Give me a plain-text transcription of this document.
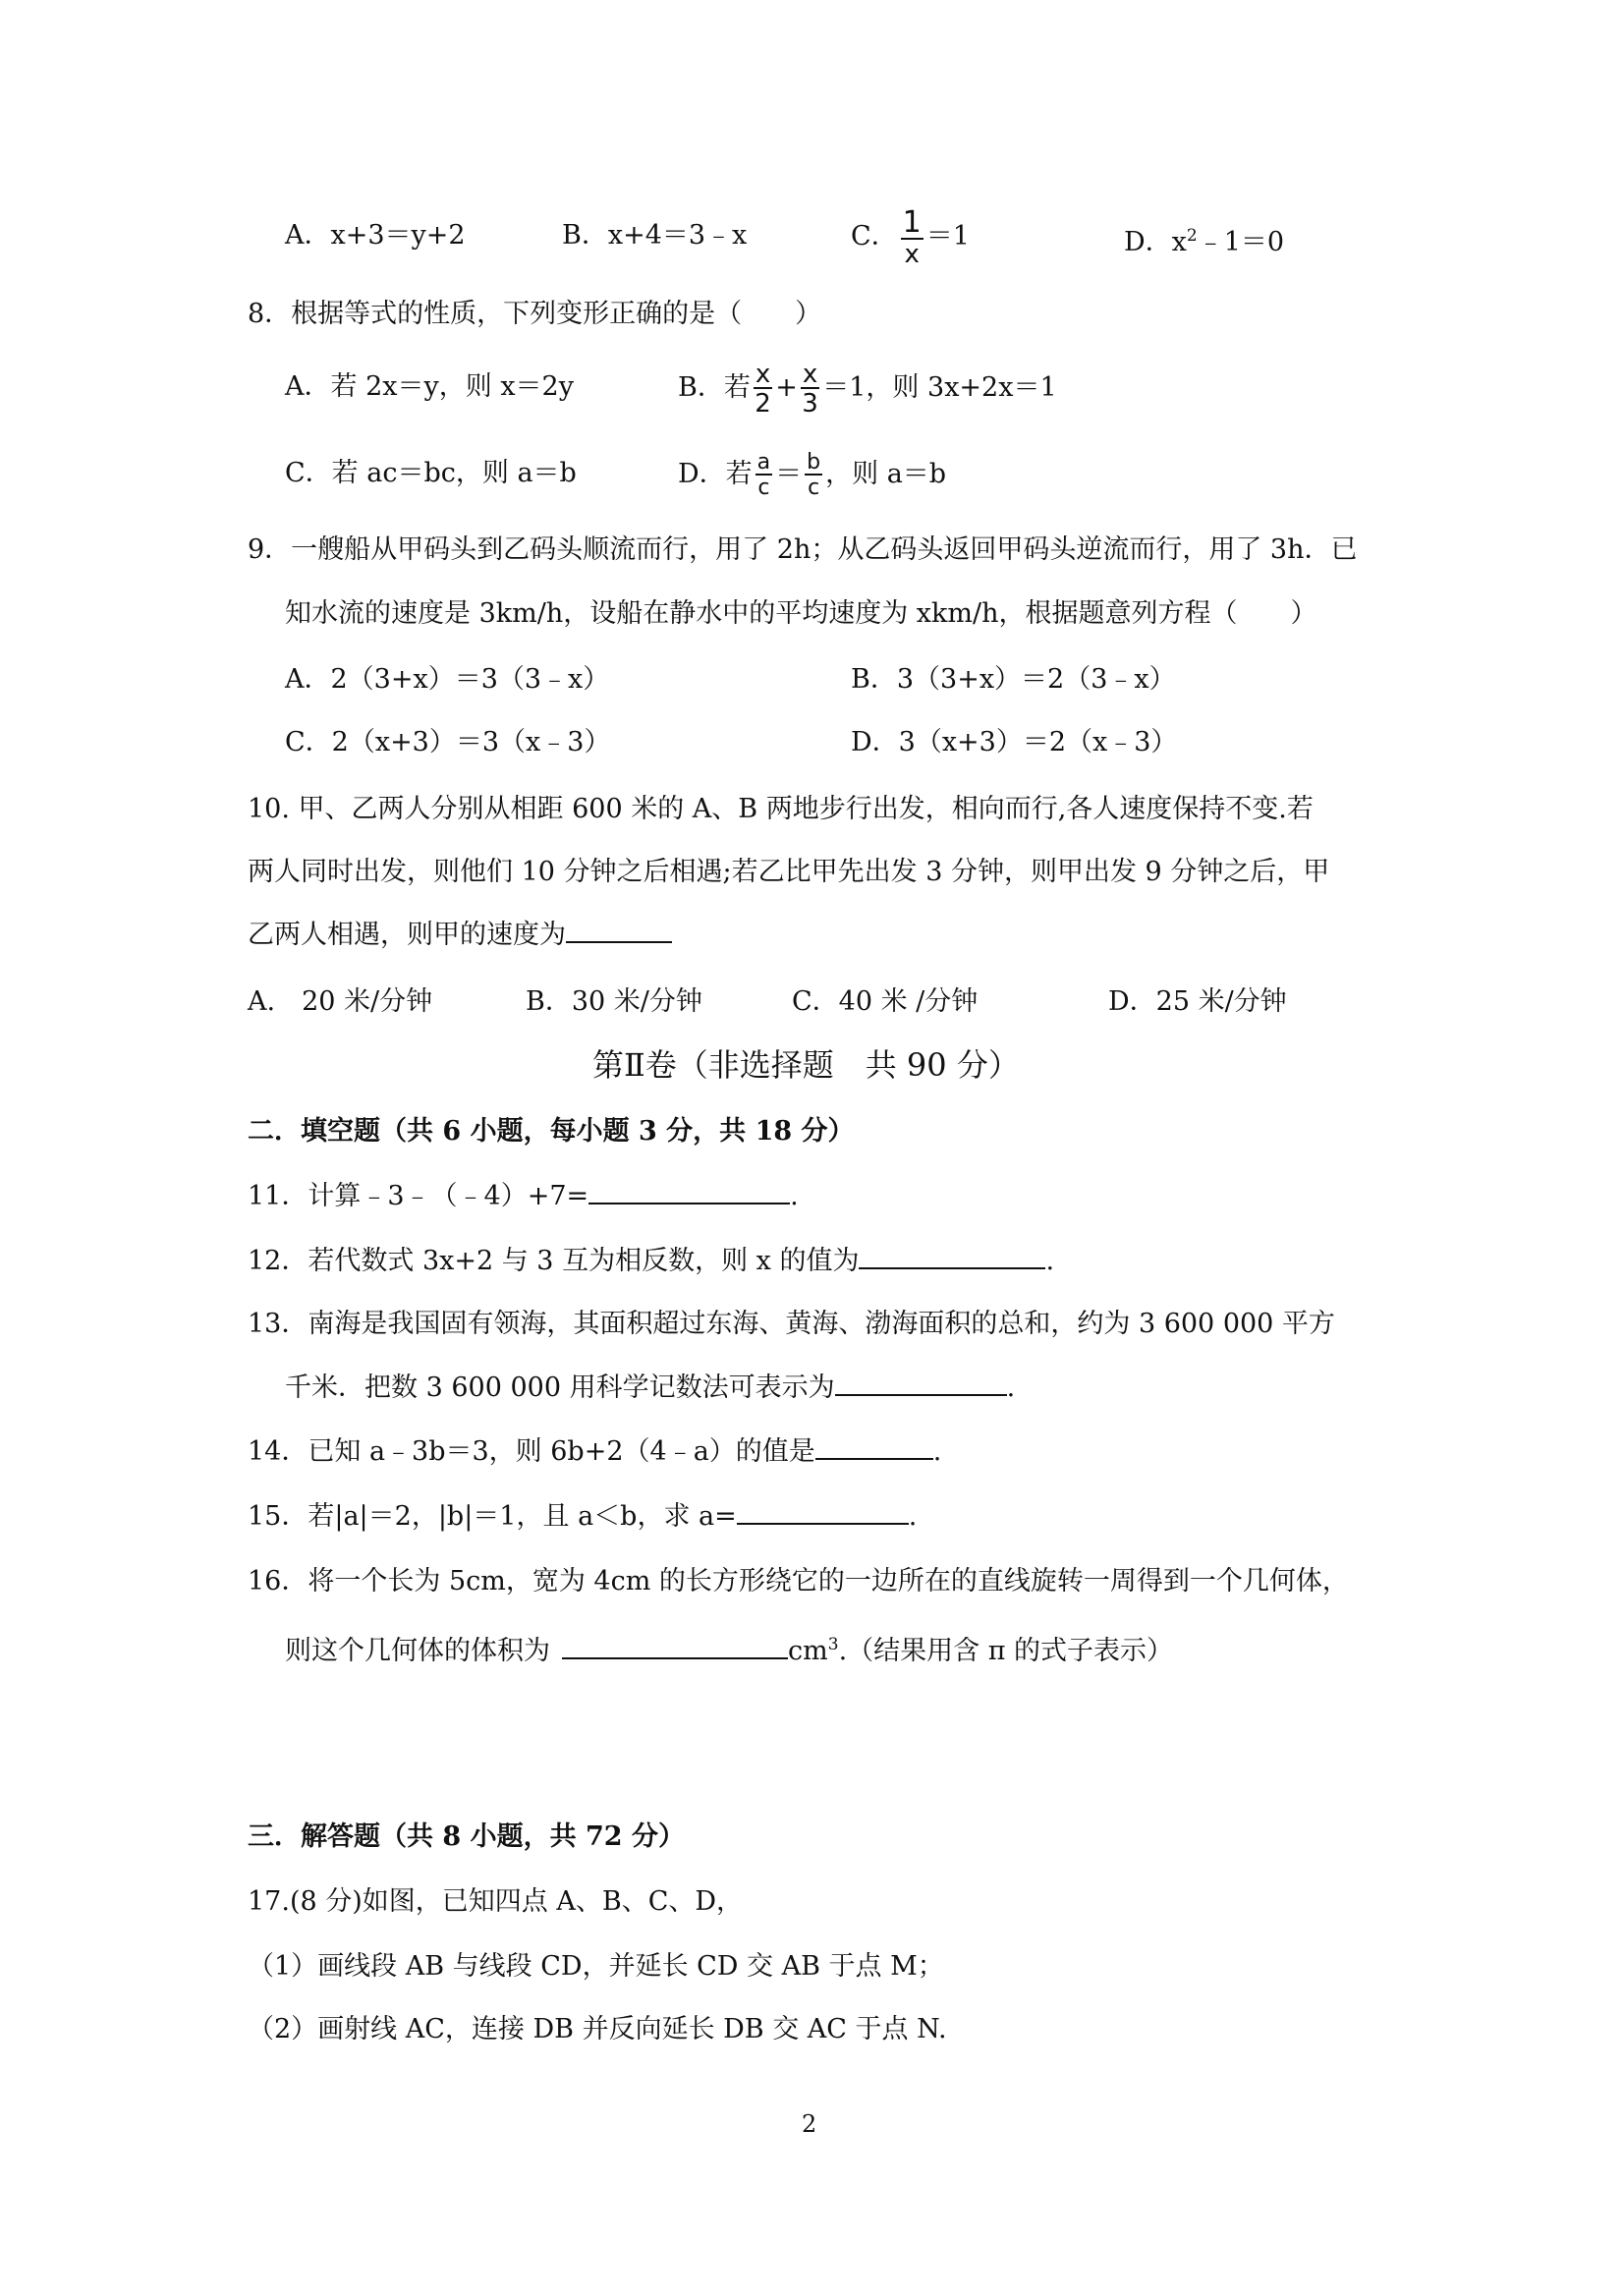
A．x+3＝y+2	B．x+4＝3﹣x	C． $\frac{1}{x} =1$	D．$x^2﹣1=0$
8．根据等式的性质，下列变形正确的是（　　）
A．若 2x＝y，则 x＝2y	B．若 $\frac{x}{2} + \frac{x}{3} =1$，则 3x+2x＝1
C．若 ac＝bc，则 a＝b	D．若 $\frac{a}{c} = \frac{b}{c}$ ，则 a＝b
9．一艘船从甲码头到乙码头顺流而行，用了 2h；从乙码头返回甲码头逆流而行，用了 3h．已
知水流的速度是 3km/h，设船在静水中的平均速度为 xkm/h，根据题意列方程（　　）
A．2（3+x）＝3（3﹣x）	B．3（3+x）＝2（3﹣x）
C．2（x+3）＝3（x﹣3）	D．3（x+3）＝2（x﹣3）
10. 甲、乙两人分别从相距 600 米的 A、B 两地步行出发，相向而行,各人速度保持不变.若
两人同时出发，则他们 10 分钟之后相遇;若乙比甲先出发 3 分钟，则甲出发 9 分钟之后，甲
乙两人相遇，则甲的速度为
A.　20 米/分钟	B．30 米/分钟	C．40 米 /分钟	D．25 米/分钟
第Ⅱ卷（非选择题　共 90 分）
二．填空题（共 6 小题，每小题 3 分，共 18 分）
11．计算﹣3﹣（﹣4）+7=	.
12．若代数式 3x+2 与 3 互为相反数，则 x 的值为	.
13．南海是我国固有领海，其面积超过东海、黄海、渤海面积的总和，约为 3 600 000 平方
千米．把数 3 600 000 用科学记数法可表示为	.
14．已知 a﹣3b＝3，则 6b+2（4﹣a）的值是	.
15．若|a|＝2，|b|＝1，且 a＜b，求 a=	.
16．将一个长为 5cm，宽为 4cm 的长方形绕它的一边所在的直线旋转一周得到一个几何体，
则这个几何体的体积为	$cm^3$.（结果用含 π 的式子表示）
三．解答题（共 8 小题，共 72 分）
17.(8 分)如图，已知四点 A、B、C、D，
（1）画线段 AB 与线段 CD，并延长 CD 交 AB 于点 M；
（2）画射线 AC，连接 DB 并反向延长 DB 交 AC 于点 N.
2
